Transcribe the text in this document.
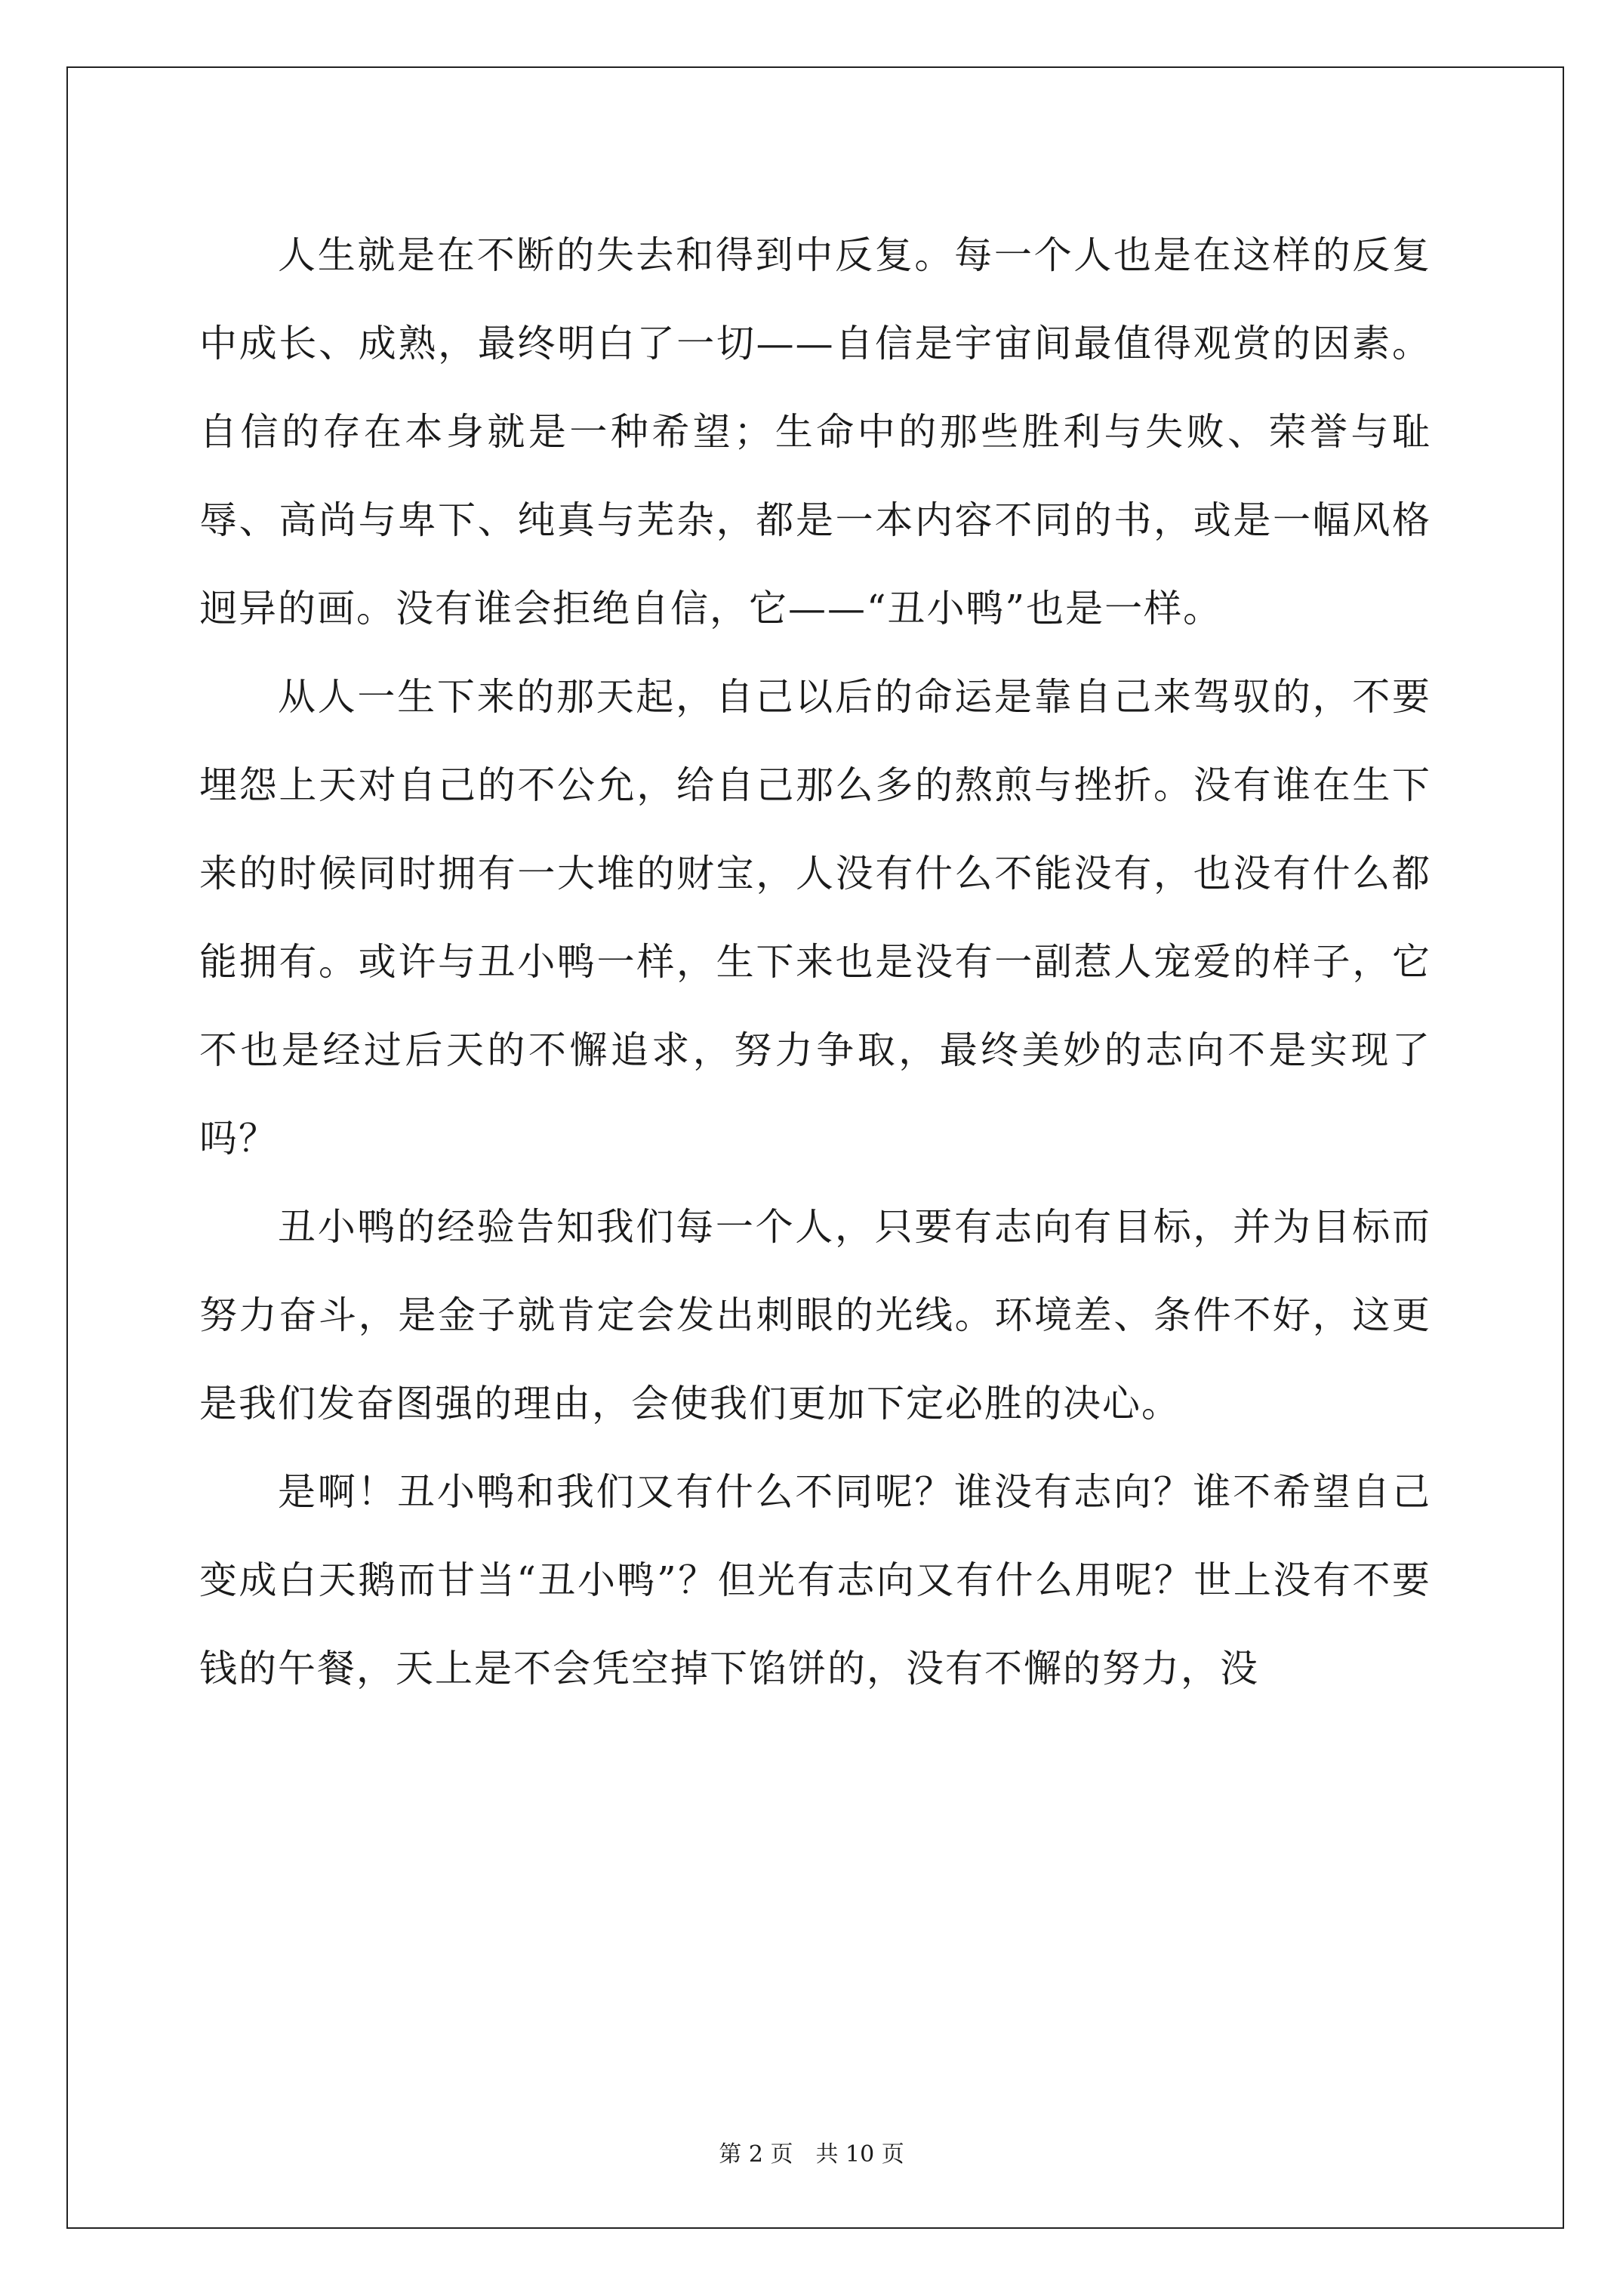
人生就是在不断的失去和得到中反复。每一个人也是在这样的反复中成长、成熟，最终明白了一切——自信是宇宙间最值得观赏的因素。自信的存在本身就是一种希望；生命中的那些胜利与失败、荣誉与耻辱、高尚与卑下、纯真与芜杂，都是一本内容不同的书，或是一幅风格迥异的画。没有谁会拒绝自信，它——“丑小鸭”也是一样。

从人一生下来的那天起，自己以后的命运是靠自己来驾驭的，不要埋怨上天对自己的不公允，给自己那么多的熬煎与挫折。没有谁在生下来的时候同时拥有一大堆的财宝，人没有什么不能没有，也没有什么都能拥有。或许与丑小鸭一样，生下来也是没有一副惹人宠爱的样子，它不也是经过后天的不懈追求，努力争取，最终美妙的志向不是实现了吗？

丑小鸭的经验告知我们每一个人，只要有志向有目标，并为目标而努力奋斗，是金子就肯定会发出刺眼的光线。环境差、条件不好，这更是我们发奋图强的理由，会使我们更加下定必胜的决心。

是啊！丑小鸭和我们又有什么不同呢？谁没有志向？谁不希望自己变成白天鹅而甘当“丑小鸭”？但光有志向又有什么用呢？世上没有不要钱的午餐，天上是不会凭空掉下馅饼的，没有不懈的努力，没

第 2 页　共 10 页
